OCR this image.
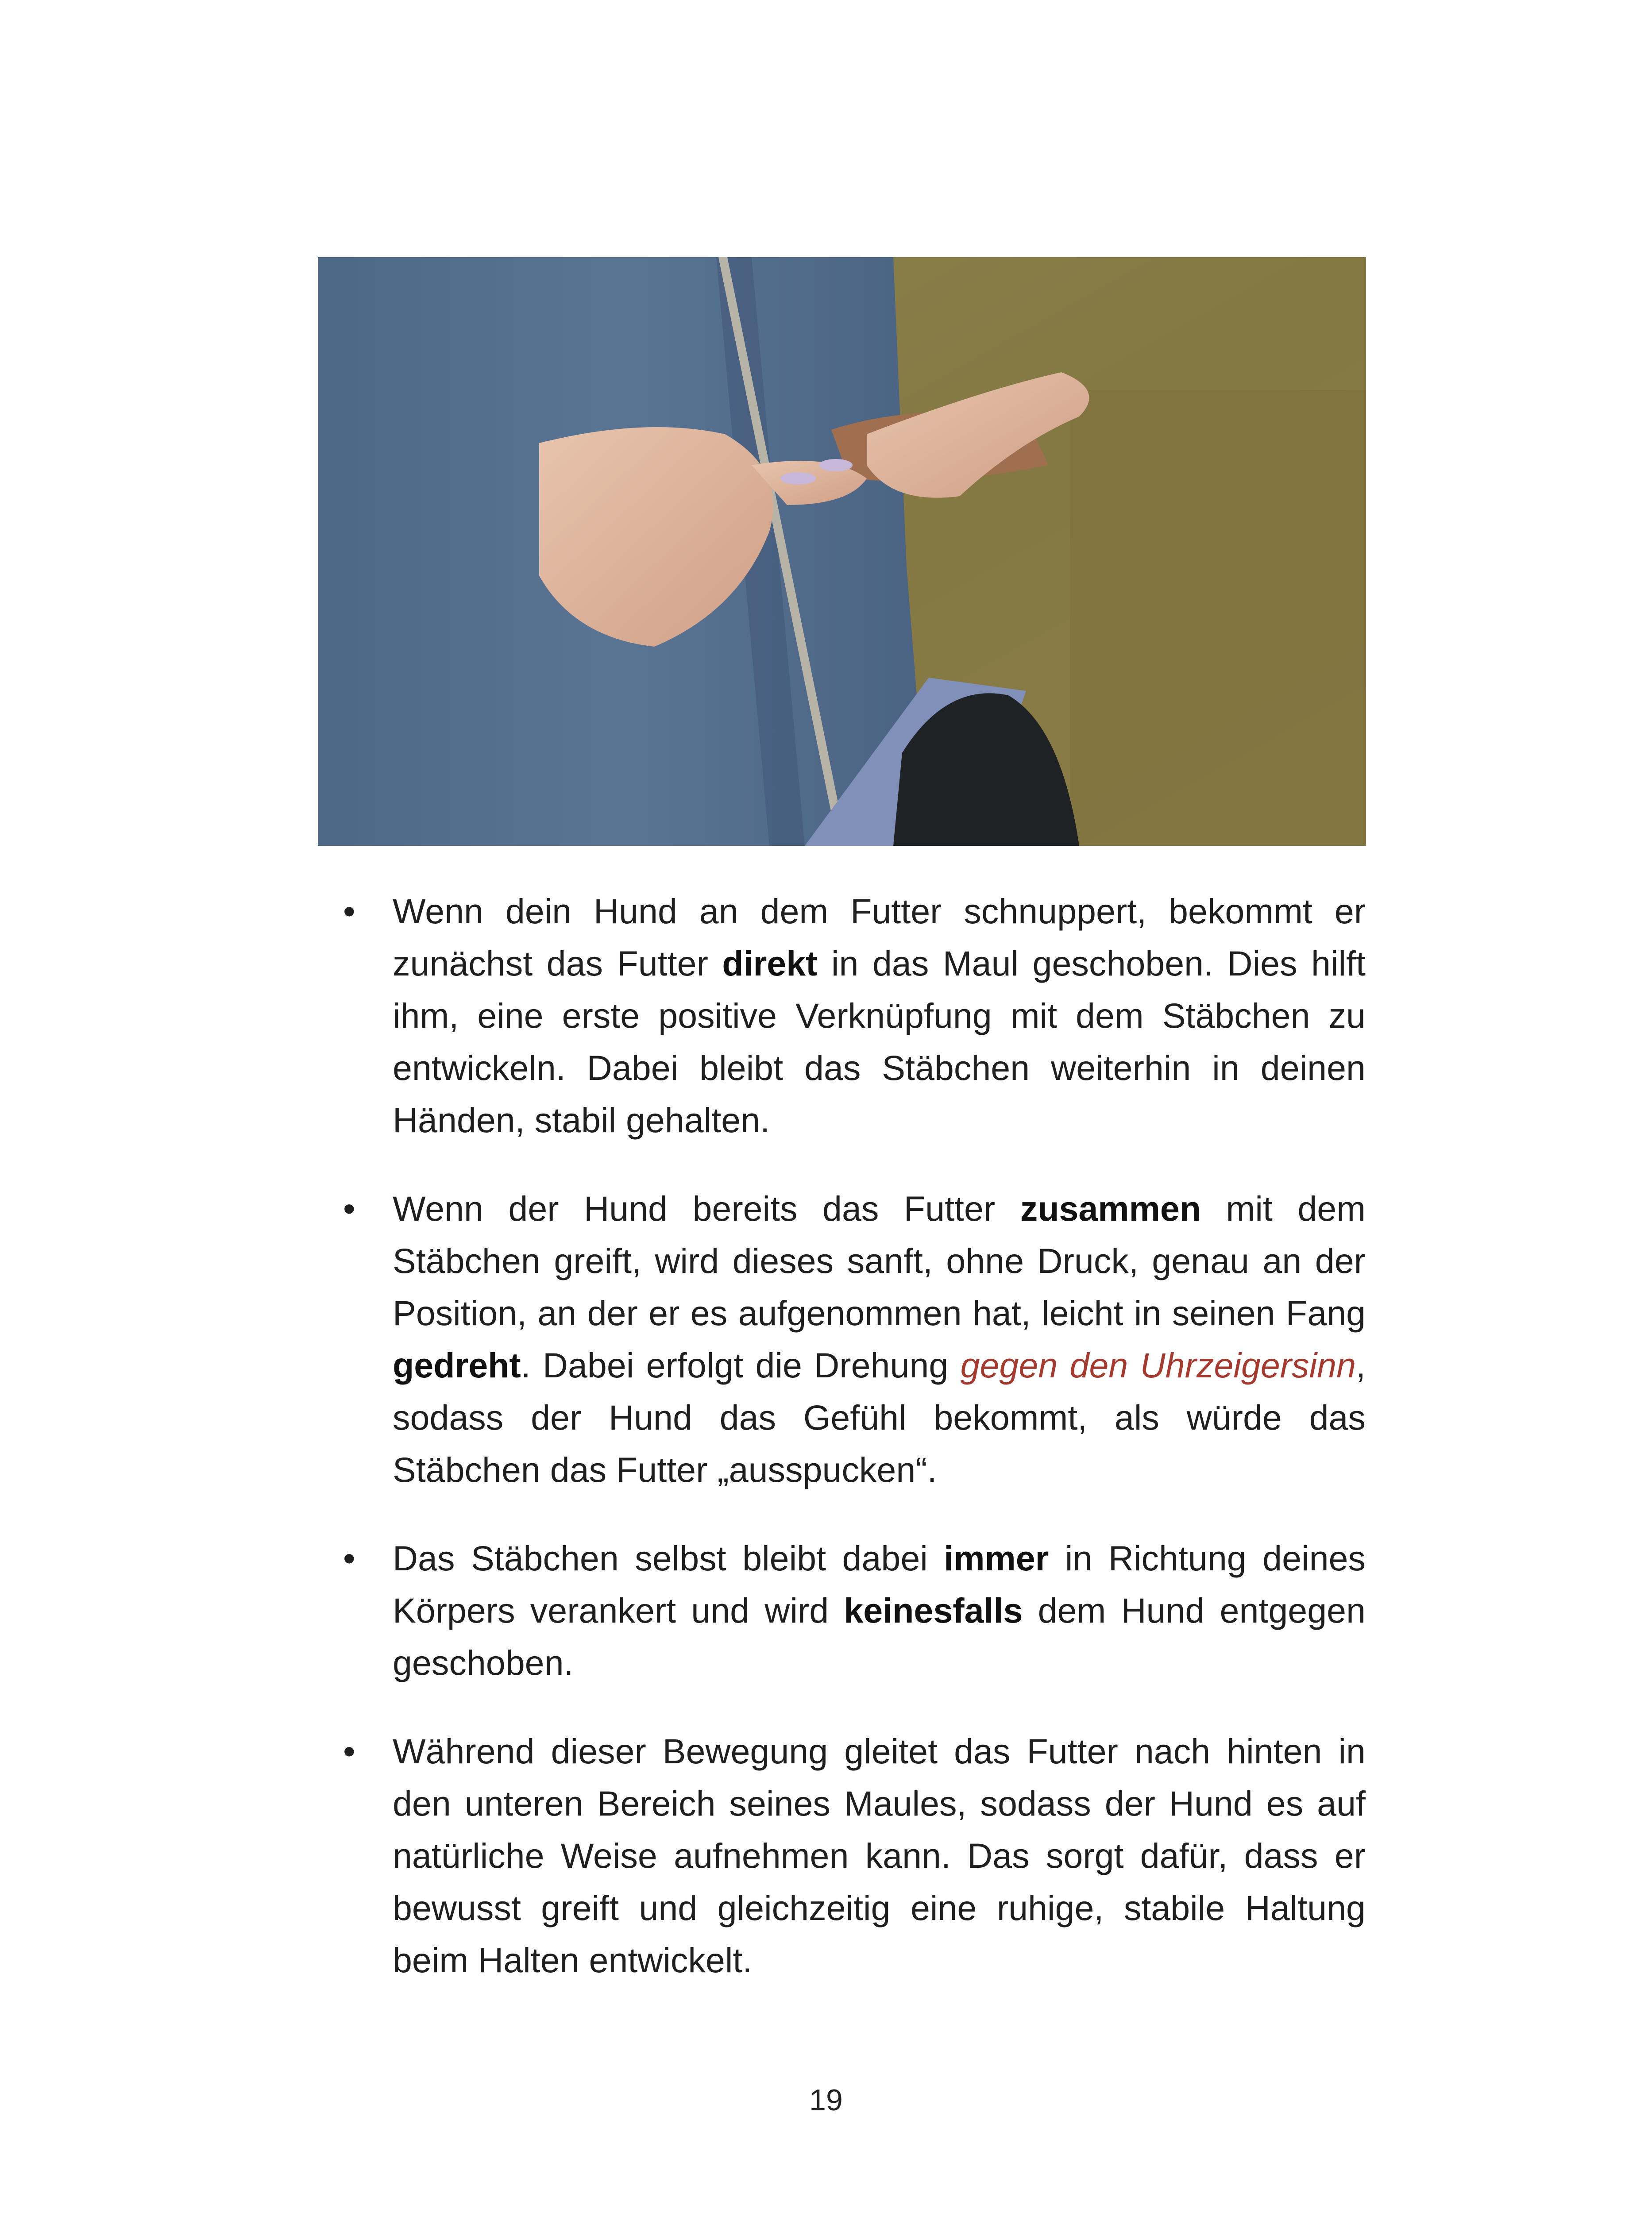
• Wenn dein Hund an dem Futter schnuppert, bekommt er zunächst das Futter direkt in das Maul geschoben. Dies hilft ihm, eine erste positive Verknüpfung mit dem Stäbchen zu entwickeln. Dabei bleibt das Stäbchen weiterhin in deinen Händen, stabil gehalten.
• Wenn der Hund bereits das Futter zusammen mit dem Stäbchen greift, wird dieses sanft, ohne Druck, genau an der Position, an der er es aufgenommen hat, leicht in seinen Fang gedreht. Dabei erfolgt die Drehung gegen den Uhrzeigersinn, sodass der Hund das Gefühl bekommt, als würde das Stäbchen das Futter „ausspucken“.
• Das Stäbchen selbst bleibt dabei immer in Richtung deines Körpers verankert und wird keinesfalls dem Hund entgegen geschoben.
• Während dieser Bewegung gleitet das Futter nach hinten in den unteren Bereich seines Maules, sodass der Hund es auf natürliche Weise aufnehmen kann. Das sorgt dafür, dass er bewusst greift und gleichzeitig eine ruhige, stabile Haltung beim Halten entwickelt.
19
